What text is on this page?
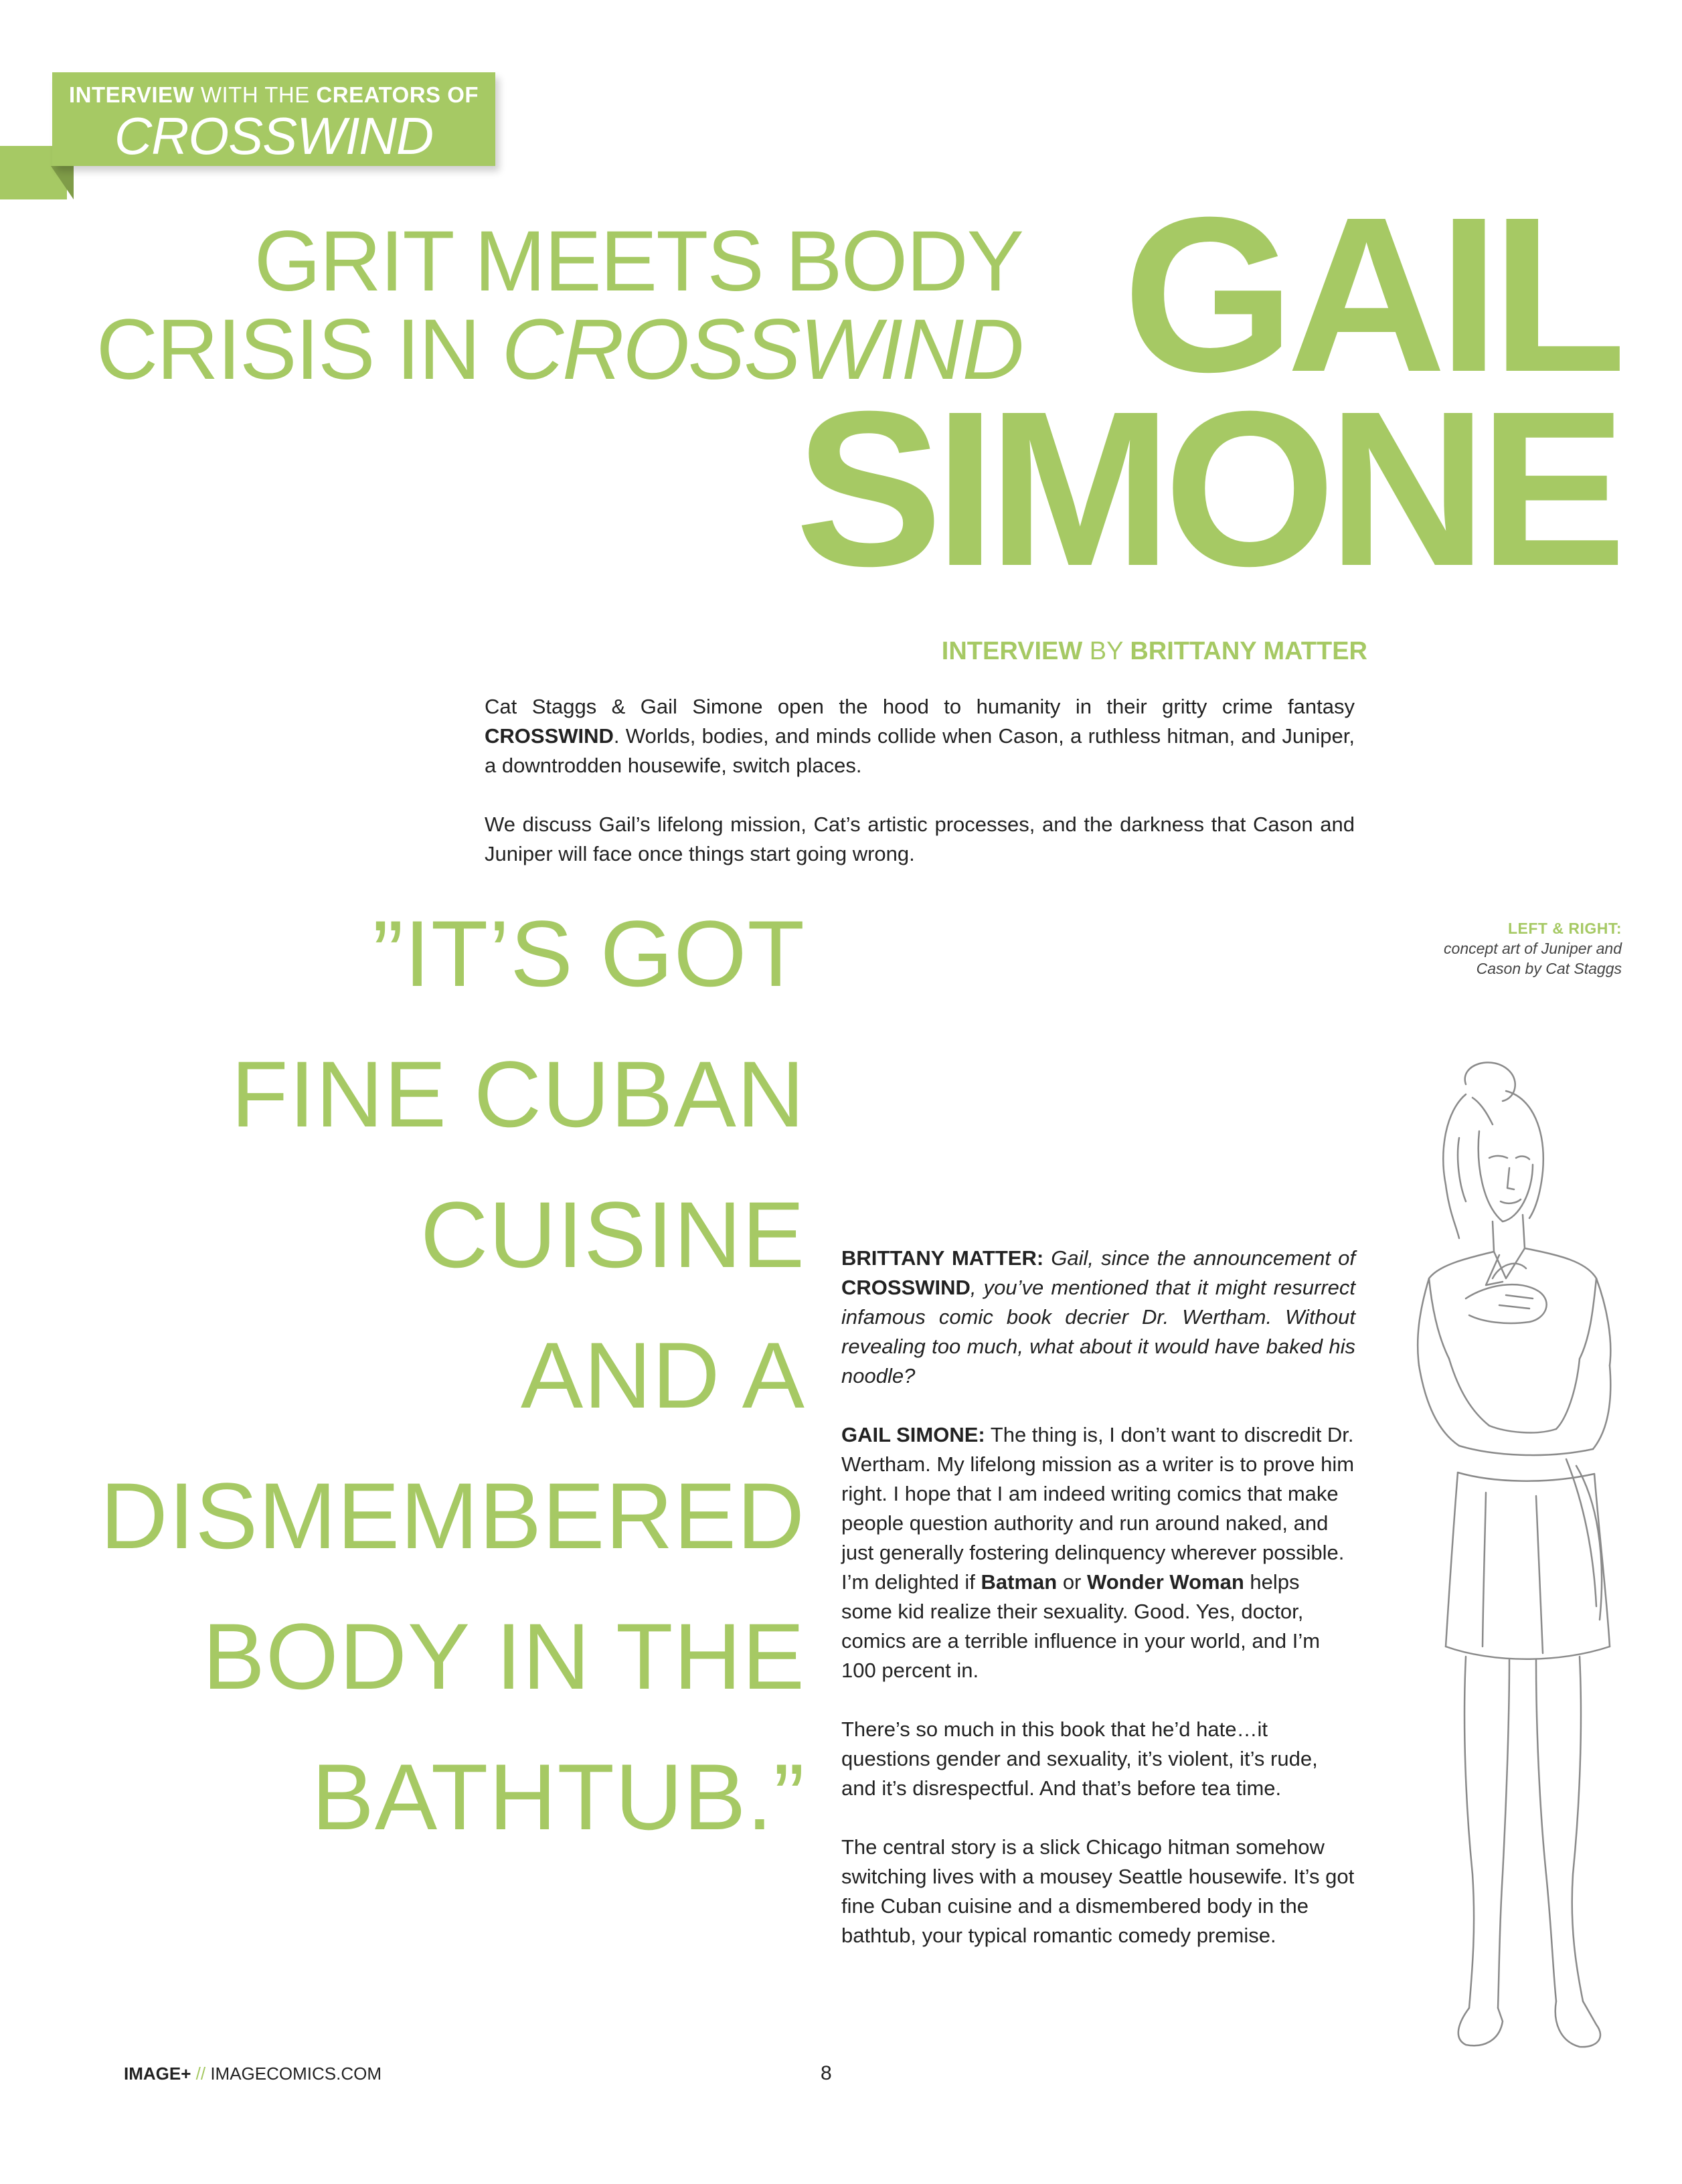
INTERVIEW WITH THE CREATORS OF
CROSSWIND
GRIT MEETS BODY
CRISIS IN CROSSWIND GAIL
SIMONE
INTERVIEW BY BRITTANY MATTER
Cat Staggs & Gail Simone open the hood to humanity in their gritty crime fantasy CROSSWIND. Worlds, bodies, and minds collide when Cason, a ruthless hitman, and Juniper, a downtrodden housewife, switch places.
We discuss Gail’s lifelong mission, Cat’s artistic processes, and the darkness that Cason and Juniper will face once things start going wrong.
”IT’S GOT
FINE CUBAN
CUISINE
AND A
DISMEMBERED
BODY IN THE
BATHTUB.”
LEFT & RIGHT:
concept art of Juniper and
Cason by Cat Staggs

BRITTANY MATTER: Gail, since the announcement of CROSSWIND, you’ve mentioned that it might resurrect infamous comic book decrier Dr. Wertham. Without revealing too much, what about it would have baked his noodle?

GAIL SIMONE: The thing is, I don’t want to discredit Dr. Wertham. My lifelong mission as a writer is to prove him right. I hope that I am indeed writing comics that make people question authority and run around naked, and just generally fostering delinquency wherever possible. I’m delighted if Batman or Wonder Woman helps some kid realize their sexuality. Good. Yes, doctor, comics are a terrible influence in your world, and I’m 100 percent in.

There’s so much in this book that he’d hate…it questions gender and sexuality, it’s violent, it’s rude, and it’s disrespectful. And that’s before tea time.

The central story is a slick Chicago hitman somehow switching lives with a mousey Seattle housewife. It’s got fine Cuban cuisine and a dismembered body in the bathtub, your typical romantic comedy premise.

IMAGE+ // IMAGECOMICS.COM	8
